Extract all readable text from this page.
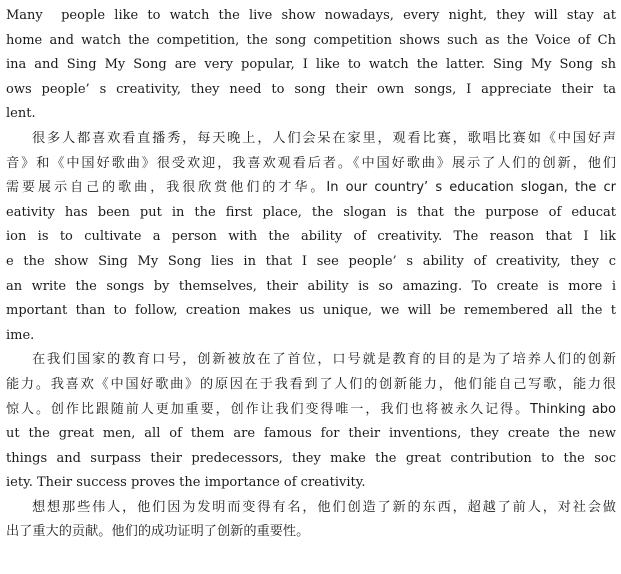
Many  people like to watch the live show nowadays, every night, they will stay at
home and watch the competition, the song competition shows such as the Voice of Ch
ina and Sing My Song are very popular, I like to watch the latter. Sing My Song sh
ows people’ s creativity, they need to song their own songs, I appreciate their ta
lent.
很多人都喜欢看直播秀，每天晚上，人们会呆在家里，观看比赛，歌唱比赛如《中国好声
音》和《中国好歌曲》很受欢迎，我喜欢观看后者。《中国好歌曲》展示了人们的创新，他们
需要展示自己的歌曲，我很欣赏他们的才华。In our country’ s education slogan, the cr
eativity has been put in the first place, the slogan is that the purpose of educat
ion is to cultivate a person with the ability of creativity. The reason that I lik
e the show Sing My Song lies in that I see people’ s ability of creativity, they c
an write the songs by themselves, their ability is so amazing. To create is more i
mportant than to follow, creation makes us unique, we will be remembered all the t
ime.
在我们国家的教育口号，创新被放在了首位，口号就是教育的目的是为了培养人们的创新
能力。我喜欢《中国好歌曲》的原因在于我看到了人们的创新能力，他们能自己写歌，能力很
惊人。创作比跟随前人更加重要，创作让我们变得唯一，我们也将被永久记得。Thinking abo
ut the great men, all of them are famous for their inventions, they create the new
things and surpass their predecessors, they make the great contribution to the soc
iety. Their success proves the importance of creativity.
想想那些伟人，他们因为发明而变得有名，他们创造了新的东西，超越了前人，对社会做
出了重大的贡献。他们的成功证明了创新的重要性。
